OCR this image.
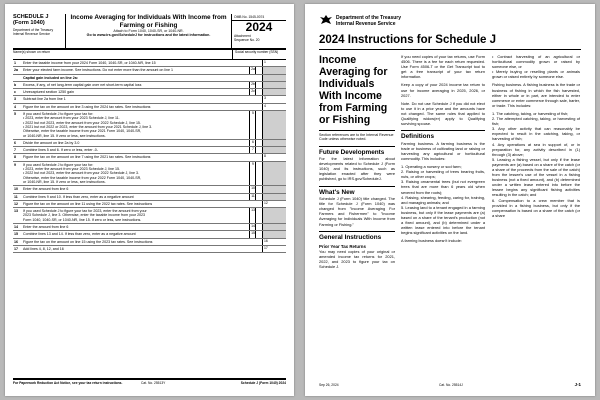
SCHEDULE J
(Form 1040)
Department of the Treasury
Internal Revenue Service
Income Averaging for Individuals With Income from Farming or Fishing
Attach to Form 1040, 1040-SR, or 1040-NR.
Go to www.irs.gov/ScheduleJ for instructions and the latest information.
OMB No. 1545-0074
2024
Attachment
Sequence No. 20
Name(s) shown on return	Social security number (SSN)
1	Enter the taxable income from your 2024 Form 1040, 1040-SR, or 1040-NR, line 15	1
2a	Enter your elected farm income. See instructions. Do not enter more than the amount on line 1	2a
Capital gain included on line 2a:
b	Excess, if any, of net long-term capital gain over net short-term capital loss	2b
c	Unrecaptured section 1250 gain	2c
3	Subtract line 2a from line 1	3
4	Figure the tax on the amount on line 3 using the 2024 tax rates. See instructions	4
5	If you used Schedule J to figure your tax for:
• 2023, enter the amount from your 2023 Schedule J, line 11.
• 2022 but not 2023, enter the amount from your 2022 Schedule J, line 15.
• 2021 but not 2022 or 2023, enter the amount from your 2021 Schedule J, line 3.
Otherwise, enter the taxable income from your 2021 Form 1040, 1040-SR,
or 1040-NR, line 15. If zero or less, see instructions.
5
6	Divide the amount on line 2a by 3.0	6
7	Combine lines 5 and 6. If zero or less, enter -0-	7
8	Figure the tax on the amount on line 7 using the 2021 tax rates. See instructions	8
9	If you used Schedule J to figure your tax for:
• 2023, enter the amount from your 2023 Schedule J, line 15.
• 2022 but not 2023, enter the amount from your 2022 Schedule J, line 3.
Otherwise, enter the taxable income from your 2022 Form 1040, 1040-SR,
or 1040-NR, line 15. If zero or less, see instructions.
9
10	Enter the amount from line 6	10
11	Combine lines 9 and 10. If less than zero, enter as a negative amount	11
12	Figure the tax on the amount on line 11 using the 2022 tax rates. See instructions	12
13	If you used Schedule J to figure your tax for 2023, enter the amount from your
2023 Schedule J, line 3. Otherwise, enter the taxable income from your 2023
Form 1040, 1040-SR, or 1040-NR, line 15. If zero or less, see instructions.
13
14	Enter the amount from line 6	14
15	Combine lines 13 and 14. If less than zero, enter as a negative amount	15
16	Figure the tax on the amount on line 15 using the 2023 tax rates. See instructions	16
17	Add lines 4, 8, 12, and 16	17
For Paperwork Reduction Act Notice, see your tax return instructions.	Cat. No. 25513Y	Schedule J (Form 1040) 2024
Department of the Treasury
Internal Revenue Service
2024 Instructions for Schedule J
Income Averaging for Individuals With Income from Farming or Fishing
Section references are to the Internal Revenue Code unless otherwise noted.
Future Developments

For the latest information about developments related to Schedule J (Form 1040) and its instructions, such as legislation enacted after they were published, go to IRS.gov/ScheduleJ.

What's New

Schedule J (Form 1040) title changed. The title for Schedule J (Form 1040) was changed from "Income Averaging For Farmers and Fishermen" to "Income Averaging for Individuals With Income from Farming or Fishing."

General Instructions
Prior Year Tax Returns

You may need copies of your original or amended income tax returns for 2021, 2022, and 2023 to figure your tax on Schedule J.

If you need copies of your tax returns, use Form 4506. There is a fee for each return requested. Use Form 4506-T or the Get Transcript tool to get a free transcript of your tax return information.

Keep a copy of your 2024 income tax return to use for income averaging in 2025, 2026, or 2027.

Note. Do not use Schedule J if you did not elect to use it in a prior year and the amounts have not changed. The same rules that applied to Qualifying widow(er) apply to Qualifying surviving spouse.

Definitions

Farming business. A farming business is the trade or business of cultivating land or raising or harvesting any agricultural or horticultural commodity. This includes:

1. Operating a nursery or sod farm;
2. Raising or harvesting of trees bearing fruits, nuts, or other crops;
3. Raising ornamental trees (but not evergreen trees that are more than 6 years old when severed from the roots);
4. Raising, shearing, feeding, caring for, training, and managing animals; and
5. Leasing land to a tenant engaged in a farming business, but only if the lease payments are (a) based on a share of the tenant's production (not a fixed amount), and (b) determined under a written lease entered into before the tenant begins significant activities on the land.

A farming business doesn't include:

• Contract harvesting of an agricultural or horticultural commodity grown or raised by someone else, or
• Merely buying or reselling plants or animals grown or raised entirely by someone else.

Fishing business. A fishing business is the trade or business of fishing in which the fish harvested, either in whole or in part, are intended to enter commerce or enter commerce through sale, barter, or trade. This includes:

1. The catching, taking, or harvesting of fish;
2. The attempted catching, taking, or harvesting of fish;
3. Any other activity that can reasonably be expected to result in the catching, taking, or harvesting of fish;
4. Any operations at sea in support of, or in preparation for, any activity described in (1) through (3) above;
5. Leasing a fishing vessel, but only if the lease payments are (a) based on a share of the catch (or a share of the proceeds from the sale of the catch) from the lessee's use of the vessel in a fishing business (not a fixed amount), and (b) determined under a written lease entered into before the lessee begins any significant fishing activities resulting in the catch; and
6. Compensation to a crew member that is provided in a fishing business, but only if the compensation is based on a share of the catch (or a share

Sep 26, 2024	Cat. No. 25514J	J-1
